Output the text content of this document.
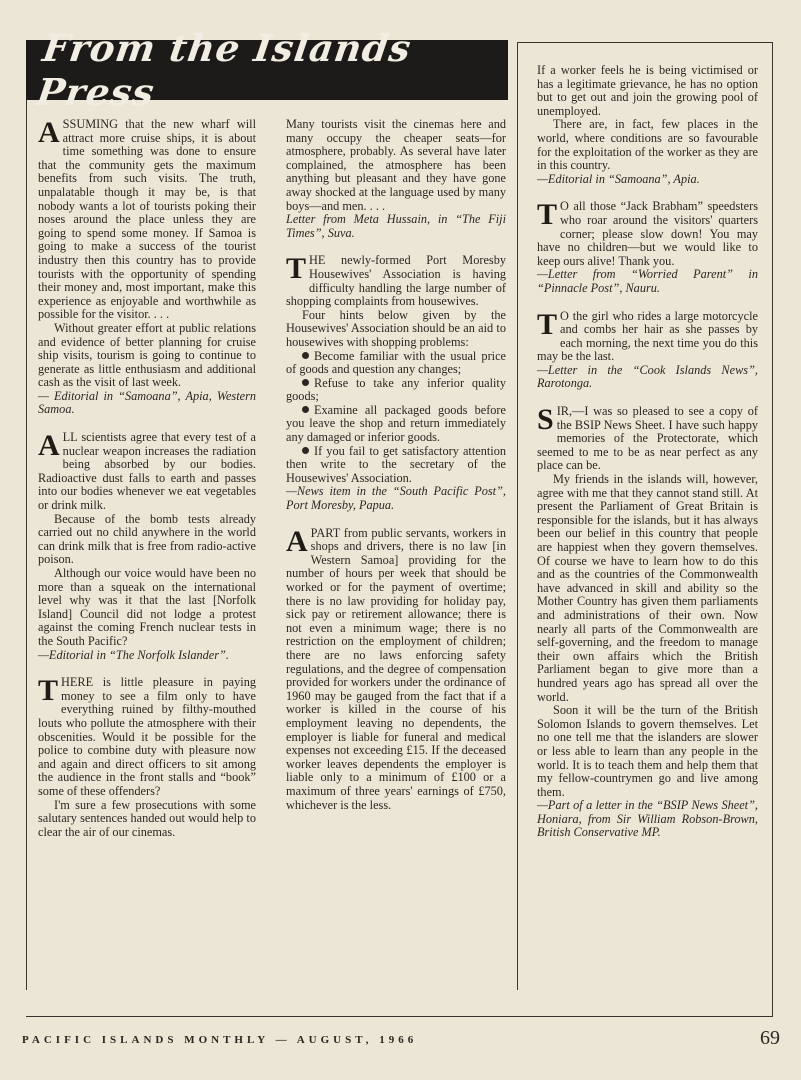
From the Islands Press

ASSUMING that the new wharf will attract more cruise ships, it is about time something was done to ensure that the community gets the maximum benefits from such visits. The truth, unpalatable though it may be, is that nobody wants a lot of tourists poking their noses around the place unless they are going to spend some money. If Samoa is going to make a success of the tourist industry then this country has to provide tourists with the opportunity of spending their money and, most important, make this experience as enjoyable and worthwhile as possible for the visitor. . . .

Without greater effort at public relations and evidence of better planning for cruise ship visits, tourism is going to continue to generate as little enthusiasm and additional cash as the visit of last week.

— Editorial in “Samoana”, Apia, Western Samoa.

ALL scientists agree that every test of a nuclear weapon increases the radiation being absorbed by our bodies. Radioactive dust falls to earth and passes into our bodies whenever we eat vegetables or drink milk.

Because of the bomb tests already carried out no child anywhere in the world can drink milk that is free from radio-active poison.

Although our voice would have been no more than a squeak on the international level why was it that the last [Norfolk Island] Council did not lodge a protest against the coming French nuclear tests in the South Pacific?

—Editorial in “The Norfolk Islander”.

THERE is little pleasure in paying money to see a film only to have everything ruined by filthy-mouthed louts who pollute the atmosphere with their obscenities. Would it be possible for the police to combine duty with pleasure now and again and direct officers to sit among the audience in the front stalls and “book” some of these offenders?

I'm sure a few prosecutions with some salutary sentences handed out would help to clear the air of our cinemas.

Many tourists visit the cinemas here and many occupy the cheaper seats—for atmosphere, probably. As several have later complained, the atmosphere has been anything but pleasant and they have gone away shocked at the language used by many boys—and men. . . .

Letter from Meta Hussain, in “The Fiji Times”, Suva.

THE newly-formed Port Moresby Housewives' Association is having difficulty handling the large number of shopping complaints from housewives.

Four hints below given by the Housewives' Association should be an aid to housewives with shopping problems:

Become familiar with the usual price of goods and question any changes;

Refuse to take any inferior quality goods;

Examine all packaged goods before you leave the shop and return immediately any damaged or inferior goods.

If you fail to get satisfactory attention then write to the secretary of the Housewives' Association.

—News item in the “South Pacific Post”, Port Moresby, Papua.

APART from public servants, workers in shops and drivers, there is no law [in Western Samoa] providing for the number of hours per week that should be worked or for the payment of overtime; there is no law providing for holiday pay, sick pay or retirement allowance; there is not even a minimum wage; there is no restriction on the employment of children; there are no laws enforcing safety regulations, and the degree of compensation provided for workers under the ordinance of 1960 may be gauged from the fact that if a worker is killed in the course of his employment leaving no dependents, the employer is liable for funeral and medical expenses not exceeding £15. If the deceased worker leaves dependents the employer is liable only to a minimum of £100 or a maximum of three years' earnings of £750, whichever is the less.

If a worker feels he is being victimised or has a legitimate grievance, he has no option but to get out and join the growing pool of unemployed.

There are, in fact, few places in the world, where conditions are so favourable for the exploitation of the worker as they are in this country.

—Editorial in “Samoana”, Apia.

T O all those “Jack Brabham” speedsters who roar around the visitors' quarters corner; please slow down! You may have no children—but we would like to keep ours alive! Thank you.

—Letter from “Worried Parent” in “Pinnacle Post”, Nauru.

T O the girl who rides a large motorcycle and combs her hair as she passes by each morning, the next time you do this may be the last.

—Letter in the “Cook Islands News”, Rarotonga.

SIR,—I was so pleased to see a copy of the BSIP News Sheet. I have such happy memories of the Protectorate, which seemed to me to be as near perfect as any place can be.

My friends in the islands will, however, agree with me that they cannot stand still. At present the Parliament of Great Britain is responsible for the islands, but it has always been our belief in this country that people are happiest when they govern themselves. Of course we have to learn how to do this and as the countries of the Commonwealth have advanced in skill and ability so the Mother Country has given them parliaments and administrations of their own. Now nearly all parts of the Commonwealth are self-governing, and the freedom to manage their own affairs which the British Parliament began to give more than a hundred years ago has spread all over the world.

Soon it will be the turn of the British Solomon Islands to govern themselves. Let no one tell me that the islanders are slower or less able to learn than any people in the world. It is to teach them and help them that my fellow-countrymen go and live among them.

—Part of a letter in the “BSIP News Sheet”, Honiara, from Sir William Robson-Brown, British Conservative MP.

PACIFIC ISLANDS MONTHLY — AUGUST, 1966	69
